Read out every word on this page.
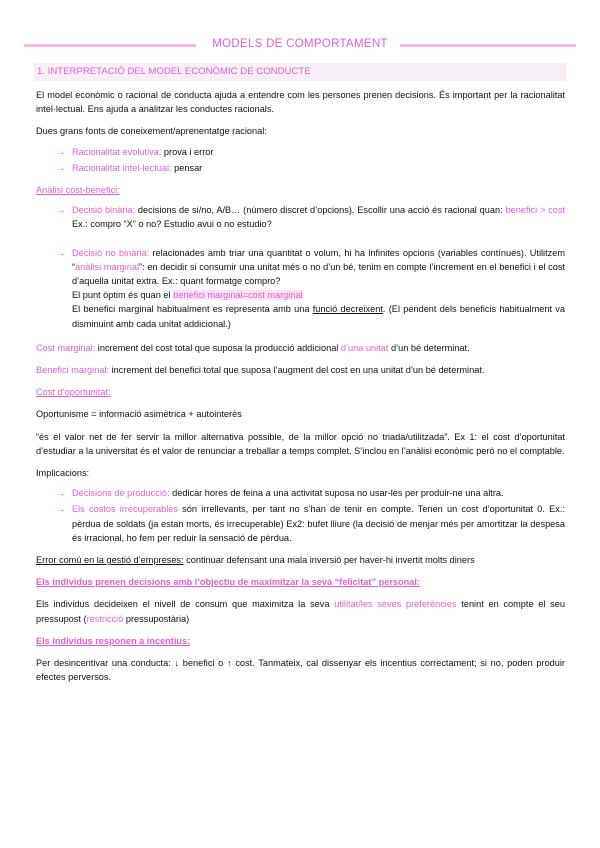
MODELS DE COMPORTAMENT
1. INTERPRETACIÓ DEL MODEL ECONÒMIC DE CONDUCTE

El model econòmic o racional de conducta ajuda a entendre com les persones prenen decisions. És important per la racionalitat intel·lectual. Ens ajuda a analitzar les conductes racionals.

Dues grans fonts de coneixement/aprenentatge racional:

→ Racionalitat evolutiva: prova i error
→ Racionalitat intel·lectual: pensar

Anàlisi cost-benefici:

→ Decisió binària: decisions de si/no, A/B… (número discret d’opcions). Escollir una acció és racional quan: benefici > cost Ex.: compro “X” o no? Estudio avui o no estudio?
→ Decisió no binària: relacionades amb triar una quantitat o volum, hi ha infinites opcions (variables contínues). Utilitzem “anàlisi marginal”: en decidir si consumir una unitat més o no d’un bé, tenim en compte l’increment en el benefici i el cost d’aquella unitat extra. Ex.: quant formatge compro?
El punt òptim és quan el benefici marginal=cost marginal
El benefici marginal habitualment es representa amb una funció decreixent. (El pendent dels beneficis habitualment va disminuint amb cada unitat addicional.)

Cost marginal: increment del cost total que suposa la producció addicional d’una unitat d’un bé determinat.

Benefici marginal: increment del benefici total que suposa l’augment del cost en una unitat d’un bé determinat.

Cost d’oportunitat:

Oportunisme = informació asimètrica + autointerès

“és el valor net de fer servir la millor alternativa possible, de la millor opció no triada/utilitzada”. Ex 1: el cost d’oportunitat d’estudiar a la universitat és el valor de renunciar a treballar a temps complet. S’inclou en l’anàlisi econòmic però no el comptable.

Implicacions:

→ Decisions de producció: dedicar hores de feina a una activitat suposa no usar-les per produir-ne una altra.
→ Els costos irrecuperables són irrellevants, per tant no s’han de tenir en compte. Tenen un cost d’oportunitat 0. Ex.: pèrdua de soldats (ja estan morts, és irrecuperable) Ex2: bufet lliure (la decisió de menjar més per amortitzar la despesa és irracional, ho fem per reduir la sensació de pèrdua.

Error comú en la gestió d’empreses: continuar defensant una mala inversió per haver-hi invertit molts diners

Els individus prenen decisions amb l’objectiu de maximitzar la seva “felicitat” personal:

Els individus decideixen el nivell de consum que maximitza la seva utilitat/les seves preferències tenint en compte el seu pressupost (restricció pressupostària)

Els individus responen a incentius:

Per desincentivar una conducta: ↓ benefici o ↑ cost. Tanmateix, cal dissenyar els incentius correctament; si no, poden produir efectes perversos.
